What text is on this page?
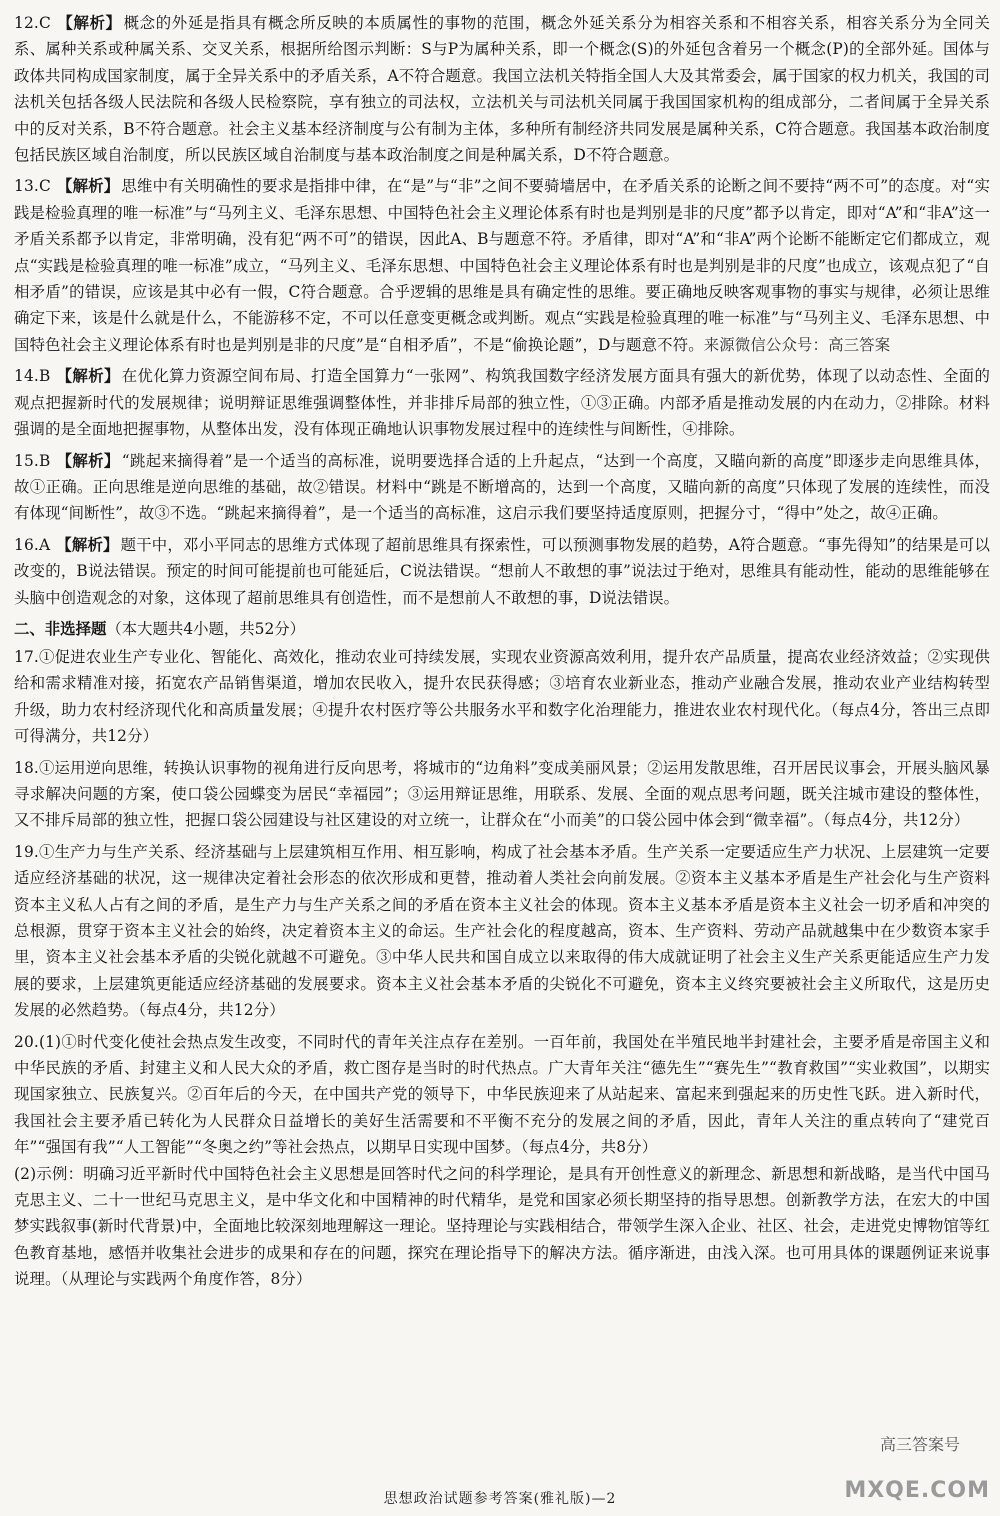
12.C 【解析】 概念的外延是指具有概念所反映的本质属性的事物的范围，概念外延关系分为相容关系和不相容关系，相容关系分为全同关系、属种关系或种属关系、交叉关系，根据所给图示判断：S与P为属种关系，即一个概念(S)的外延包含着另一个概念(P)的全部外延。国体与政体共同构成国家制度，属于全异关系中的矛盾关系，A不符合题意。我国立法机关特指全国人大及其常委会，属于国家的权力机关，我国的司法机关包括各级人民法院和各级人民检察院，享有独立的司法权，立法机关与司法机关同属于我国国家机构的组成部分，二者间属于全异关系中的反对关系，B不符合题意。社会主义基本经济制度与公有制为主体，多种所有制经济共同发展是属种关系，C符合题意。我国基本政治制度包括民族区域自治制度，所以民族区域自治制度与基本政治制度之间是种属关系，D不符合题意。

13.C 【解析】 思维中有关明确性的要求是指排中律，在“是”与“非”之间不要骑墙居中，在矛盾关系的论断之间不要持“两不可”的态度。对“实践是检验真理的唯一标准”与“马列主义、毛泽东思想、中国特色社会主义理论体系有时也是判别是非的尺度”都予以肯定，即对“A”和“非A”这一矛盾关系都予以肯定，非常明确，没有犯“两不可”的错误，因此A、B与题意不符。矛盾律，即对“A”和“非A”两个论断不能断定它们都成立，观点“实践是检验真理的唯一标准”成立，“马列主义、毛泽东思想、中国特色社会主义理论体系有时也是判别是非的尺度”也成立，该观点犯了“自相矛盾”的错误，应该是其中必有一假，C符合题意。合乎逻辑的思维是具有确定性的思维。要正确地反映客观事物的事实与规律，必须让思维确定下来，该是什么就是什么，不能游移不定，不可以任意变更概念或判断。观点“实践是检验真理的唯一标准”与“马列主义、毛泽东思想、中国特色社会主义理论体系有时也是判别是非的尺度”是“自相矛盾”，不是“偷换论题”，D与题意不符。来源微信公众号：高三答案

14.B 【解析】 在优化算力资源空间布局、打造全国算力“一张网”、构筑我国数字经济发展方面具有强大的新优势，体现了以动态性、全面的观点把握新时代的发展规律；说明辩证思维强调整体性，并非排斥局部的独立性，①③正确。内部矛盾是推动发展的内在动力，②排除。材料强调的是全面地把握事物，从整体出发，没有体现正确地认识事物发展过程中的连续性与间断性，④排除。

15.B 【解析】 “跳起来摘得着”是一个适当的高标准，说明要选择合适的上升起点，“达到一个高度，又瞄向新的高度”即逐步走向思维具体，故①正确。正向思维是逆向思维的基础，故②错误。材料中“跳是不断增高的，达到一个高度，又瞄向新的高度”只体现了发展的连续性，而没有体现“间断性”，故③不选。“跳起来摘得着”，是一个适当的高标准，这启示我们要坚持适度原则，把握分寸，“得中”处之，故④正确。

16.A 【解析】 题干中，邓小平同志的思维方式体现了超前思维具有探索性，可以预测事物发展的趋势，A符合题意。“事先得知”的结果是可以改变的，B说法错误。预定的时间可能提前也可能延后，C说法错误。“想前人不敢想的事”说法过于绝对，思维具有能动性，能动的思维能够在头脑中创造观念的对象，这体现了超前思维具有创造性，而不是想前人不敢想的事，D说法错误。

二、非选择题（本大题共4小题，共52分）

17.①促进农业生产专业化、智能化、高效化，推动农业可持续发展，实现农业资源高效利用，提升农产品质量，提高农业经济效益；②实现供给和需求精准对接，拓宽农产品销售渠道，增加农民收入，提升农民获得感；③培育农业新业态，推动产业融合发展，推动农业产业结构转型升级，助力农村经济现代化和高质量发展；④提升农村医疗等公共服务水平和数字化治理能力，推进农业农村现代化。（每点4分，答出三点即可得满分，共12分）

18.①运用逆向思维，转换认识事物的视角进行反向思考，将城市的“边角料”变成美丽风景；②运用发散思维，召开居民议事会，开展头脑风暴寻求解决问题的方案，使口袋公园蝶变为居民“幸福园”；③运用辩证思维，用联系、发展、全面的观点思考问题，既关注城市建设的整体性，又不排斥局部的独立性，把握口袋公园建设与社区建设的对立统一，让群众在“小而美”的口袋公园中体会到“微幸福”。（每点4分，共12分）

19.①生产力与生产关系、经济基础与上层建筑相互作用、相互影响，构成了社会基本矛盾。生产关系一定要适应生产力状况、上层建筑一定要适应经济基础的状况，这一规律决定着社会形态的依次形成和更替，推动着人类社会向前发展。②资本主义基本矛盾是生产社会化与生产资料资本主义私人占有之间的矛盾，是生产力与生产关系之间的矛盾在资本主义社会的体现。资本主义基本矛盾是资本主义社会一切矛盾和冲突的总根源，贯穿于资本主义社会的始终，决定着资本主义的命运。生产社会化的程度越高，资本、生产资料、劳动产品就越集中在少数资本家手里，资本主义社会基本矛盾的尖锐化就越不可避免。③中华人民共和国自成立以来取得的伟大成就证明了社会主义生产关系更能适应生产力发展的要求，上层建筑更能适应经济基础的发展要求。资本主义社会基本矛盾的尖锐化不可避免，资本主义终究要被社会主义所取代，这是历史发展的必然趋势。（每点4分，共12分）

20.(1)①时代变化使社会热点发生改变，不同时代的青年关注点存在差别。一百年前，我国处在半殖民地半封建社会，主要矛盾是帝国主义和中华民族的矛盾、封建主义和人民大众的矛盾，救亡图存是当时的时代热点。广大青年关注“德先生”“赛先生”“教育救国”“实业救国”，以期实现国家独立、民族复兴。②百年后的今天，在中国共产党的领导下，中华民族迎来了从站起来、富起来到强起来的历史性飞跃。进入新时代，我国社会主要矛盾已转化为人民群众日益增长的美好生活需要和不平衡不充分的发展之间的矛盾，因此，青年人关注的重点转向了“建党百年”“强国有我”“人工智能”“冬奥之约”等社会热点，以期早日实现中国梦。（每点4分，共8分）

(2)示例：明确习近平新时代中国特色社会主义思想是回答时代之问的科学理论，是具有开创性意义的新理念、新思想和新战略，是当代中国马克思主义、二十一世纪马克思主义，是中华文化和中国精神的时代精华，是党和国家必须长期坚持的指导思想。创新教学方法，在宏大的中国梦实践叙事(新时代背景)中，全面地比较深刻地理解这一理论。坚持理论与实践相结合，带领学生深入企业、社区、社会，走进党史博物馆等红色教育基地，感悟并收集社会进步的成果和存在的问题，探究在理论指导下的解决方法。循序渐进，由浅入深。也可用具体的课题例证来说事说理。（从理论与实践两个角度作答，8分）

高三答案号
MXQE.COM
思想政治试题参考答案(雅礼版)—2
